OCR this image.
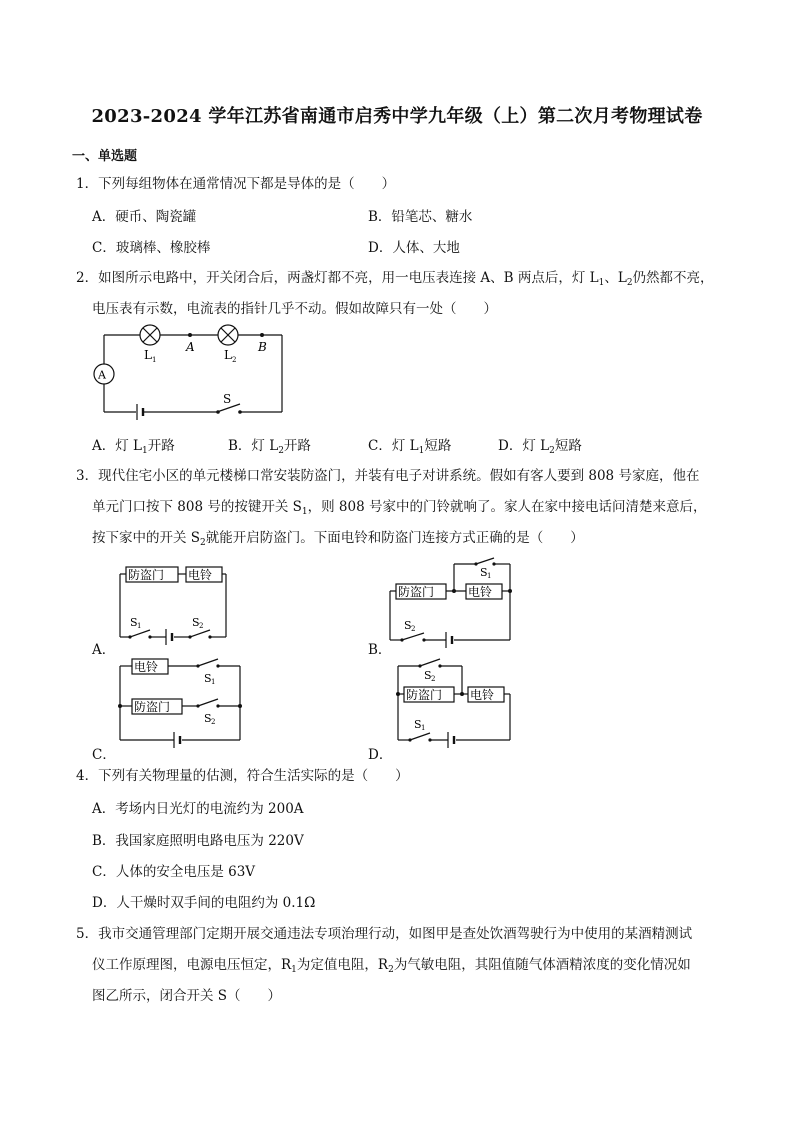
2023-2024 学年江苏省南通市启秀中学九年级（上）第二次月考物理试卷
一、单选题
1．下列每组物体在通常情况下都是导体的是（　　）
A．硬币、陶瓷罐	B．铅笔芯、糖水
C．玻璃棒、橡胶棒	D．人体、大地
2．如图所示电路中，开关闭合后，两盏灯都不亮，用一电压表连接 A、B 两点后，灯 $L_1$、$L_2$仍然都不亮，
电压表有示数，电流表的指针几乎不动。假如故障只有一处（　　）
A
L 1	L 2
A	B
S
A．灯 $L_1$开路	B．灯 $L_2$开路	C．灯 $L_1$短路	D．灯 $L_2$短路
3．现代住宅小区的单元楼梯口常安装防盗门，并装有电子对讲系统。假如有客人要到 808 号家庭，他在
单元门口按下 808 号的按键开关 $S_1$，则 808 号家中的门铃就响了。家人在家中接电话问清楚来意后，
按下家中的开关 $S_2$就能开启防盗门。下面电铃和防盗门连接方式正确的是（　　）
A．
防盗门 电铃
S 1	S 2
B．
防盗门	电铃
S 1
S 2
C．
电铃
防盗门
S 1
S 2
D．
防盗门 电铃
S 2
S 1
4．下列有关物理量的估测，符合生活实际的是（　　）
A．考场内日光灯的电流约为 200A
B．我国家庭照明电路电压为 220V
C．人体的安全电压是 63V
D．人干燥时双手间的电阻约为 0.1Ω
5．我市交通管理部门定期开展交通违法专项治理行动，如图甲是查处饮酒驾驶行为中使用的某酒精测试
仪工作原理图，电源电压恒定，$R_1$为定值电阻，$R_2$为气敏电阻，其阻值随气体酒精浓度的变化情况如
图乙所示，闭合开关 S（　　）
